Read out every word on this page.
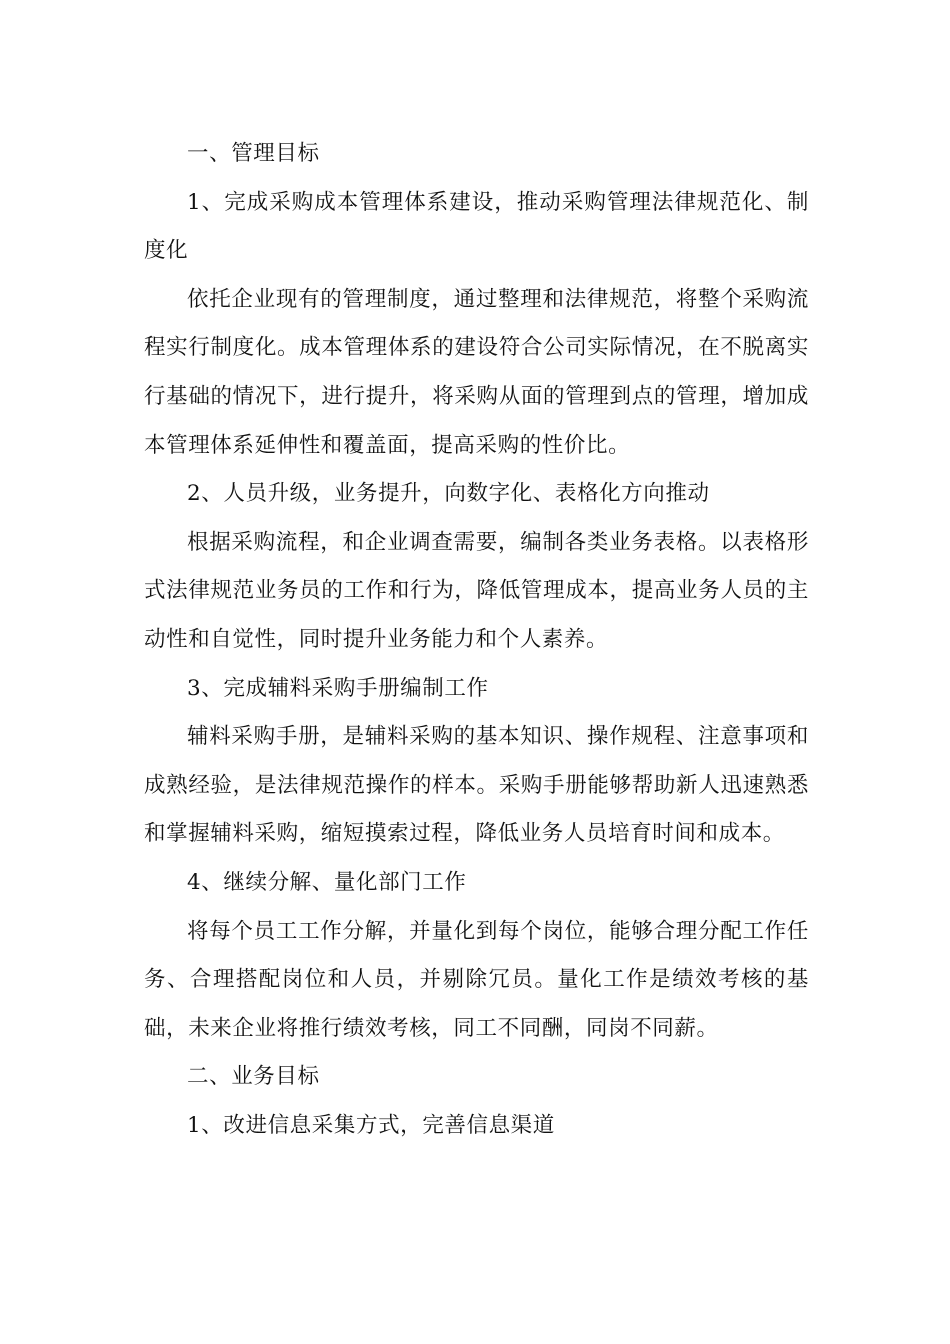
一、管理目标

1、完成采购成本管理体系建设，推动采购管理法律规范化、制度化

依托企业现有的管理制度，通过整理和法律规范，将整个采购流程实行制度化。成本管理体系的建设符合公司实际情况，在不脱离实行基础的情况下，进行提升，将采购从面的管理到点的管理，增加成本管理体系延伸性和覆盖面，提高采购的性价比。

2、人员升级，业务提升，向数字化、表格化方向推动

根据采购流程，和企业调查需要，编制各类业务表格。以表格形式法律规范业务员的工作和行为，降低管理成本，提高业务人员的主动性和自觉性，同时提升业务能力和个人素养。

3、完成辅料采购手册编制工作

辅料采购手册，是辅料采购的基本知识、操作规程、注意事项和成熟经验，是法律规范操作的样本。采购手册能够帮助新人迅速熟悉和掌握辅料采购，缩短摸索过程，降低业务人员培育时间和成本。

4、继续分解、量化部门工作

将每个员工工作分解，并量化到每个岗位，能够合理分配工作任务、合理搭配岗位和人员，并剔除冗员。量化工作是绩效考核的基础，未来企业将推行绩效考核，同工不同酬，同岗不同薪。

二、业务目标

1、改进信息采集方式，完善信息渠道
